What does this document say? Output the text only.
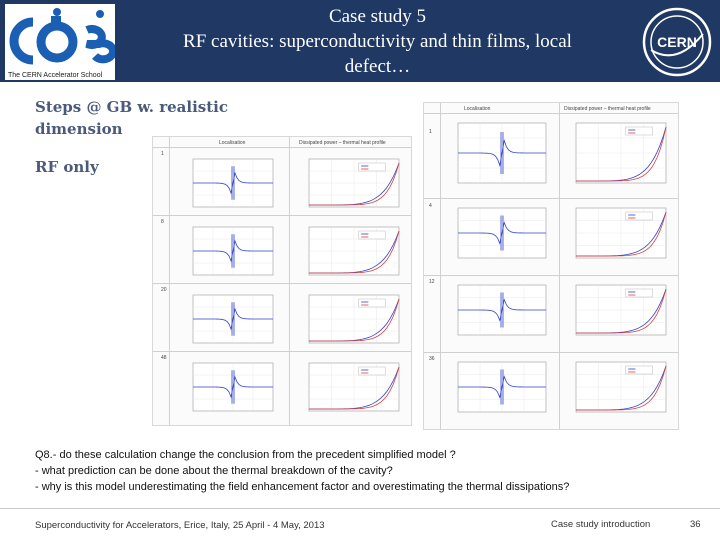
The CERN Accelerator School
Case study 5
RF cavities: superconductivity and thin films, local
defect…
CERN
Steps @ GB w. realistic
dimension
RF only
Localisation	Dissipated power – thermal heat profile
1
8
20
48
Localisation	Dissipated power – thermal heat profile
1
4
12
36
Q8.- do these calculation change the conclusion from the precedent simplified model ?
- what prediction can be done about the thermal breakdown of the cavity?
- why is this model underestimating the field enhancement factor and overestimating the thermal dissipations?
Superconductivity for Accelerators, Erice, Italy, 25 April - 4 May, 2013	Case study introduction	36
